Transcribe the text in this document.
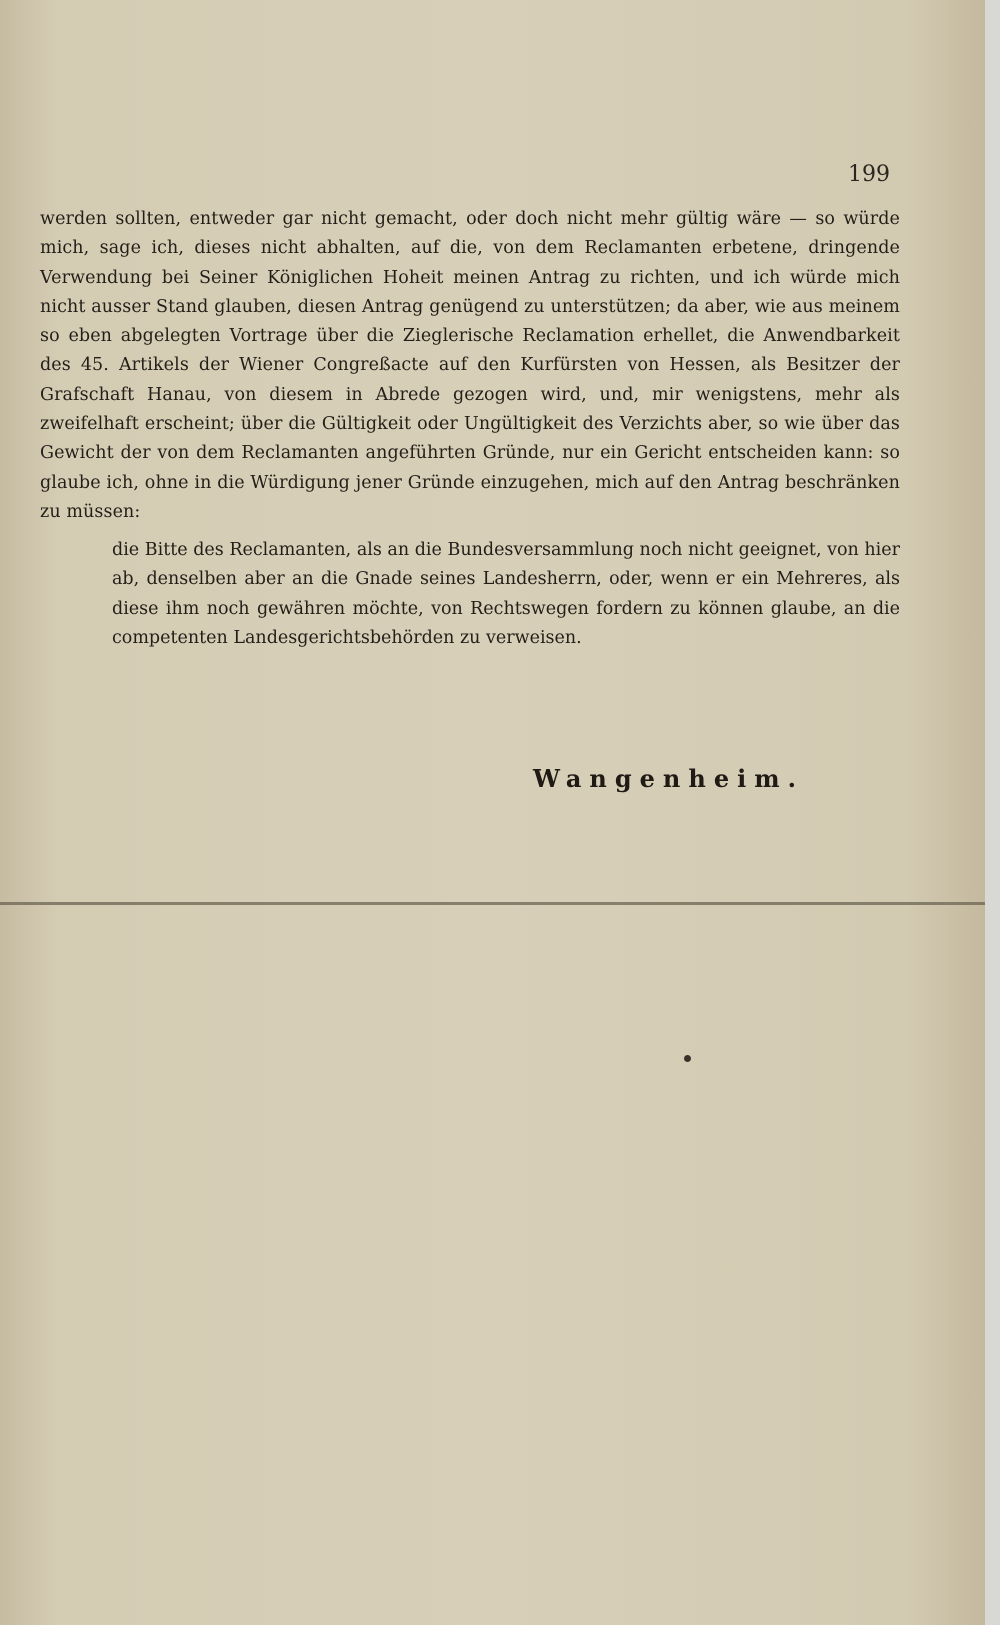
199
werden sollten, entweder gar nicht gemacht, oder doch nicht mehr gültig wäre — so würde mich, sage ich, dieses nicht abhalten, auf die, von dem Reclamanten erbetene, dringende Verwendung bei Seiner Königlichen Hoheit meinen Antrag zu richten, und ich würde mich nicht ausser Stand glauben, diesen Antrag genügend zu unterstützen; da aber, wie aus meinem so eben abgelegten Vortrage über die Zieglerische Reclamation erhellet, die Anwendbarkeit des 45. Artikels der Wiener Congreßacte auf den Kurfürsten von Hessen, als Besitzer der Grafschaft Hanau, von diesem in Abrede gezogen wird, und, mir wenigstens, mehr als zweifelhaft erscheint; über die Gültigkeit oder Ungültigkeit des Verzichts aber, so wie über das Gewicht der von dem Reclamanten angeführten Gründe, nur ein Gericht entscheiden kann: so glaube ich, ohne in die Würdigung jener Gründe einzugehen, mich auf den Antrag beschränken zu müssen:
die Bitte des Reclamanten, als an die Bundesversammlung noch nicht geeignet, von hier ab, denselben aber an die Gnade seines Landesherrn, oder, wenn er ein Mehreres, als diese ihm noch gewähren möchte, von Rechtswegen fordern zu können glaube, an die competenten Landesgerichtsbehörden zu verweisen.
Wangenheim.
